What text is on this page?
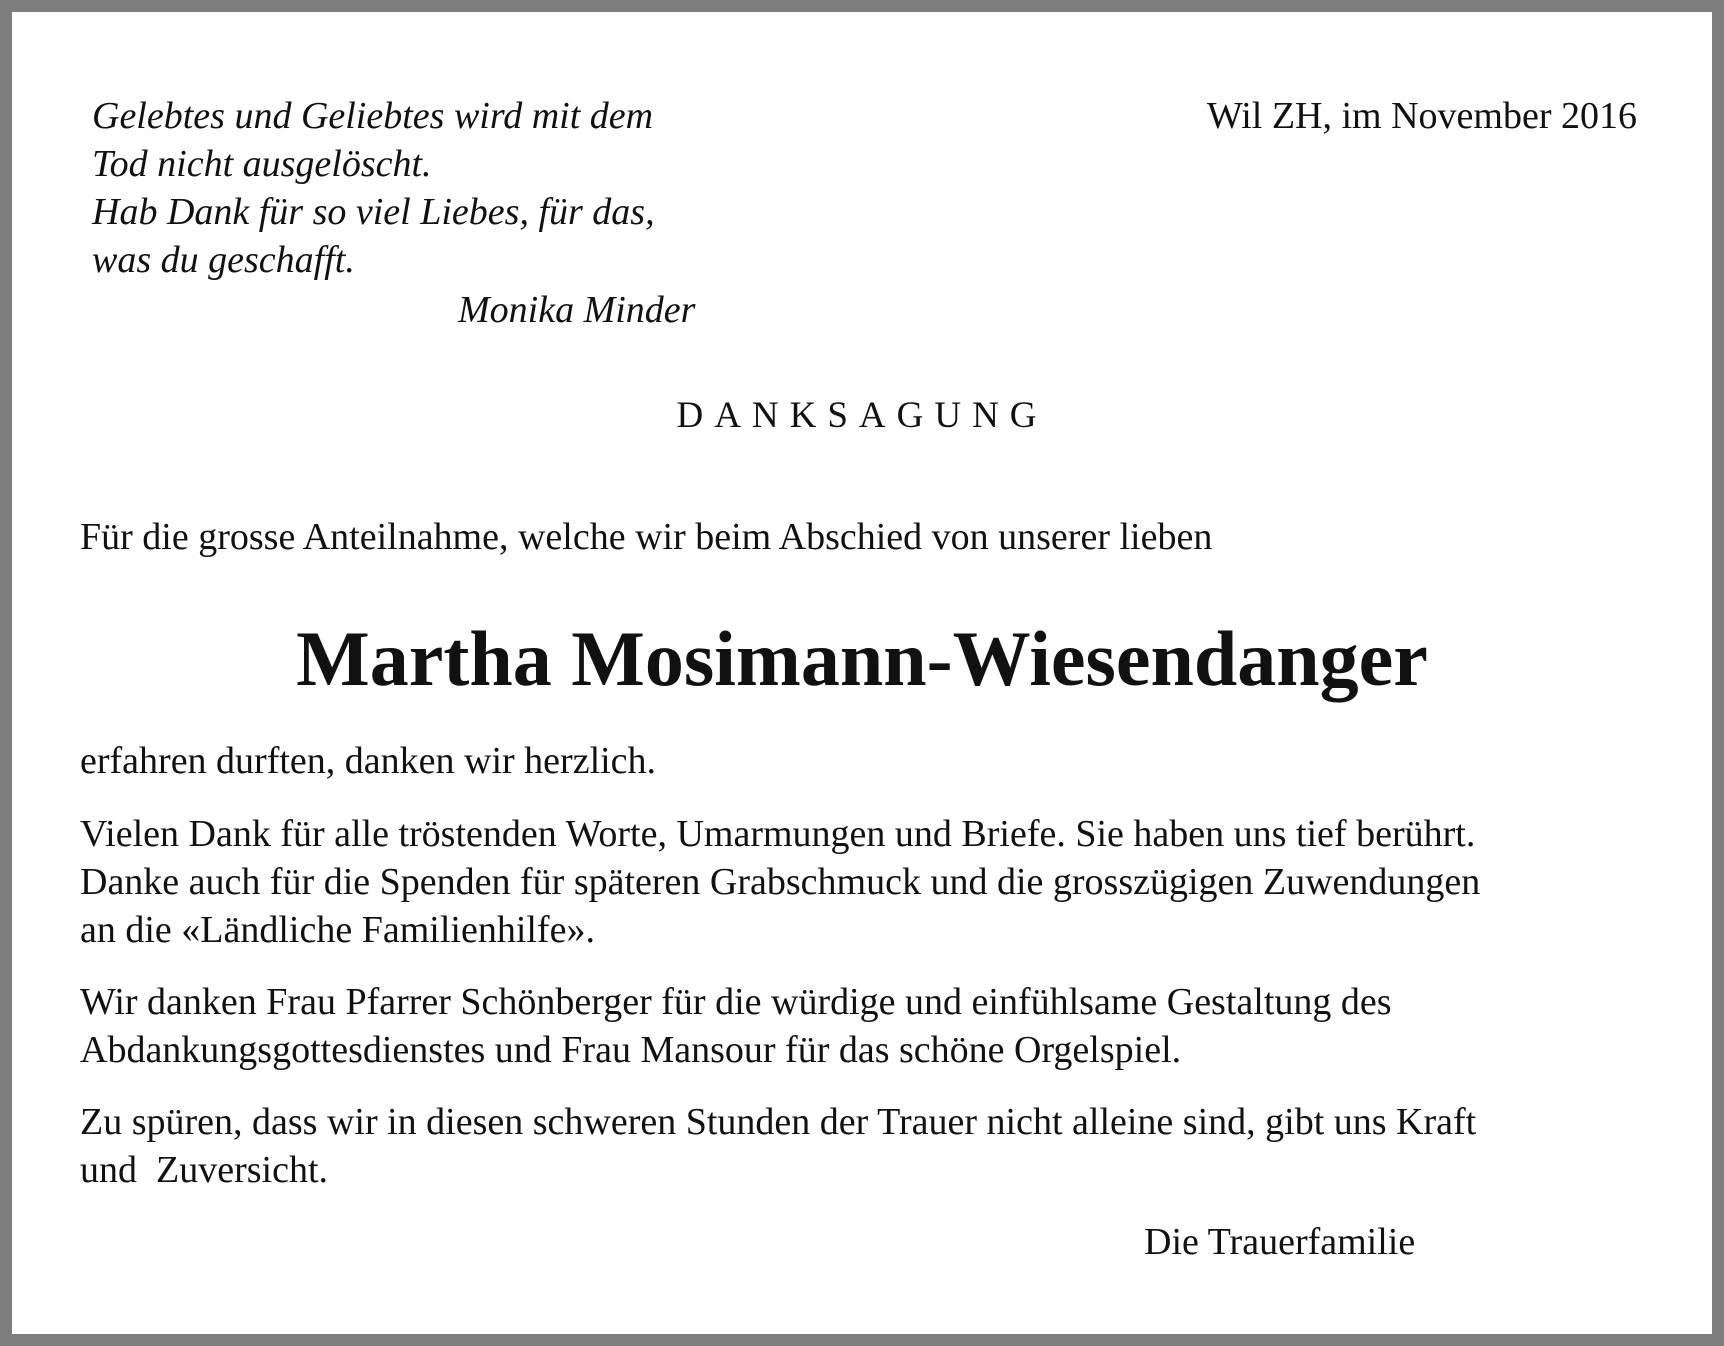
Gelebtes und Geliebtes wird mit dem
Tod nicht ausgelöscht.
Hab Dank für so viel Liebes, für das,
was du geschafft.
Monika Minder
Wil ZH, im November 2016
DANKSAGUNG
Für die grosse Anteilnahme, welche wir beim Abschied von unserer lieben
Martha Mosimann-Wiesendanger
erfahren durften, danken wir herzlich.
Vielen Dank für alle tröstenden Worte, Umarmungen und Briefe. Sie haben uns tief berührt.
Danke auch für die Spenden für späteren Grabschmuck und die grosszügigen Zuwendungen
an die «Ländliche Familienhilfe».
Wir danken Frau Pfarrer Schönberger für die würdige und einfühlsame Gestaltung des
Abdankungsgottesdienstes und Frau Mansour für das schöne Orgelspiel.
Zu spüren, dass wir in diesen schweren Stunden der Trauer nicht alleine sind, gibt uns Kraft
und  Zuversicht.
Die Trauerfamilie
